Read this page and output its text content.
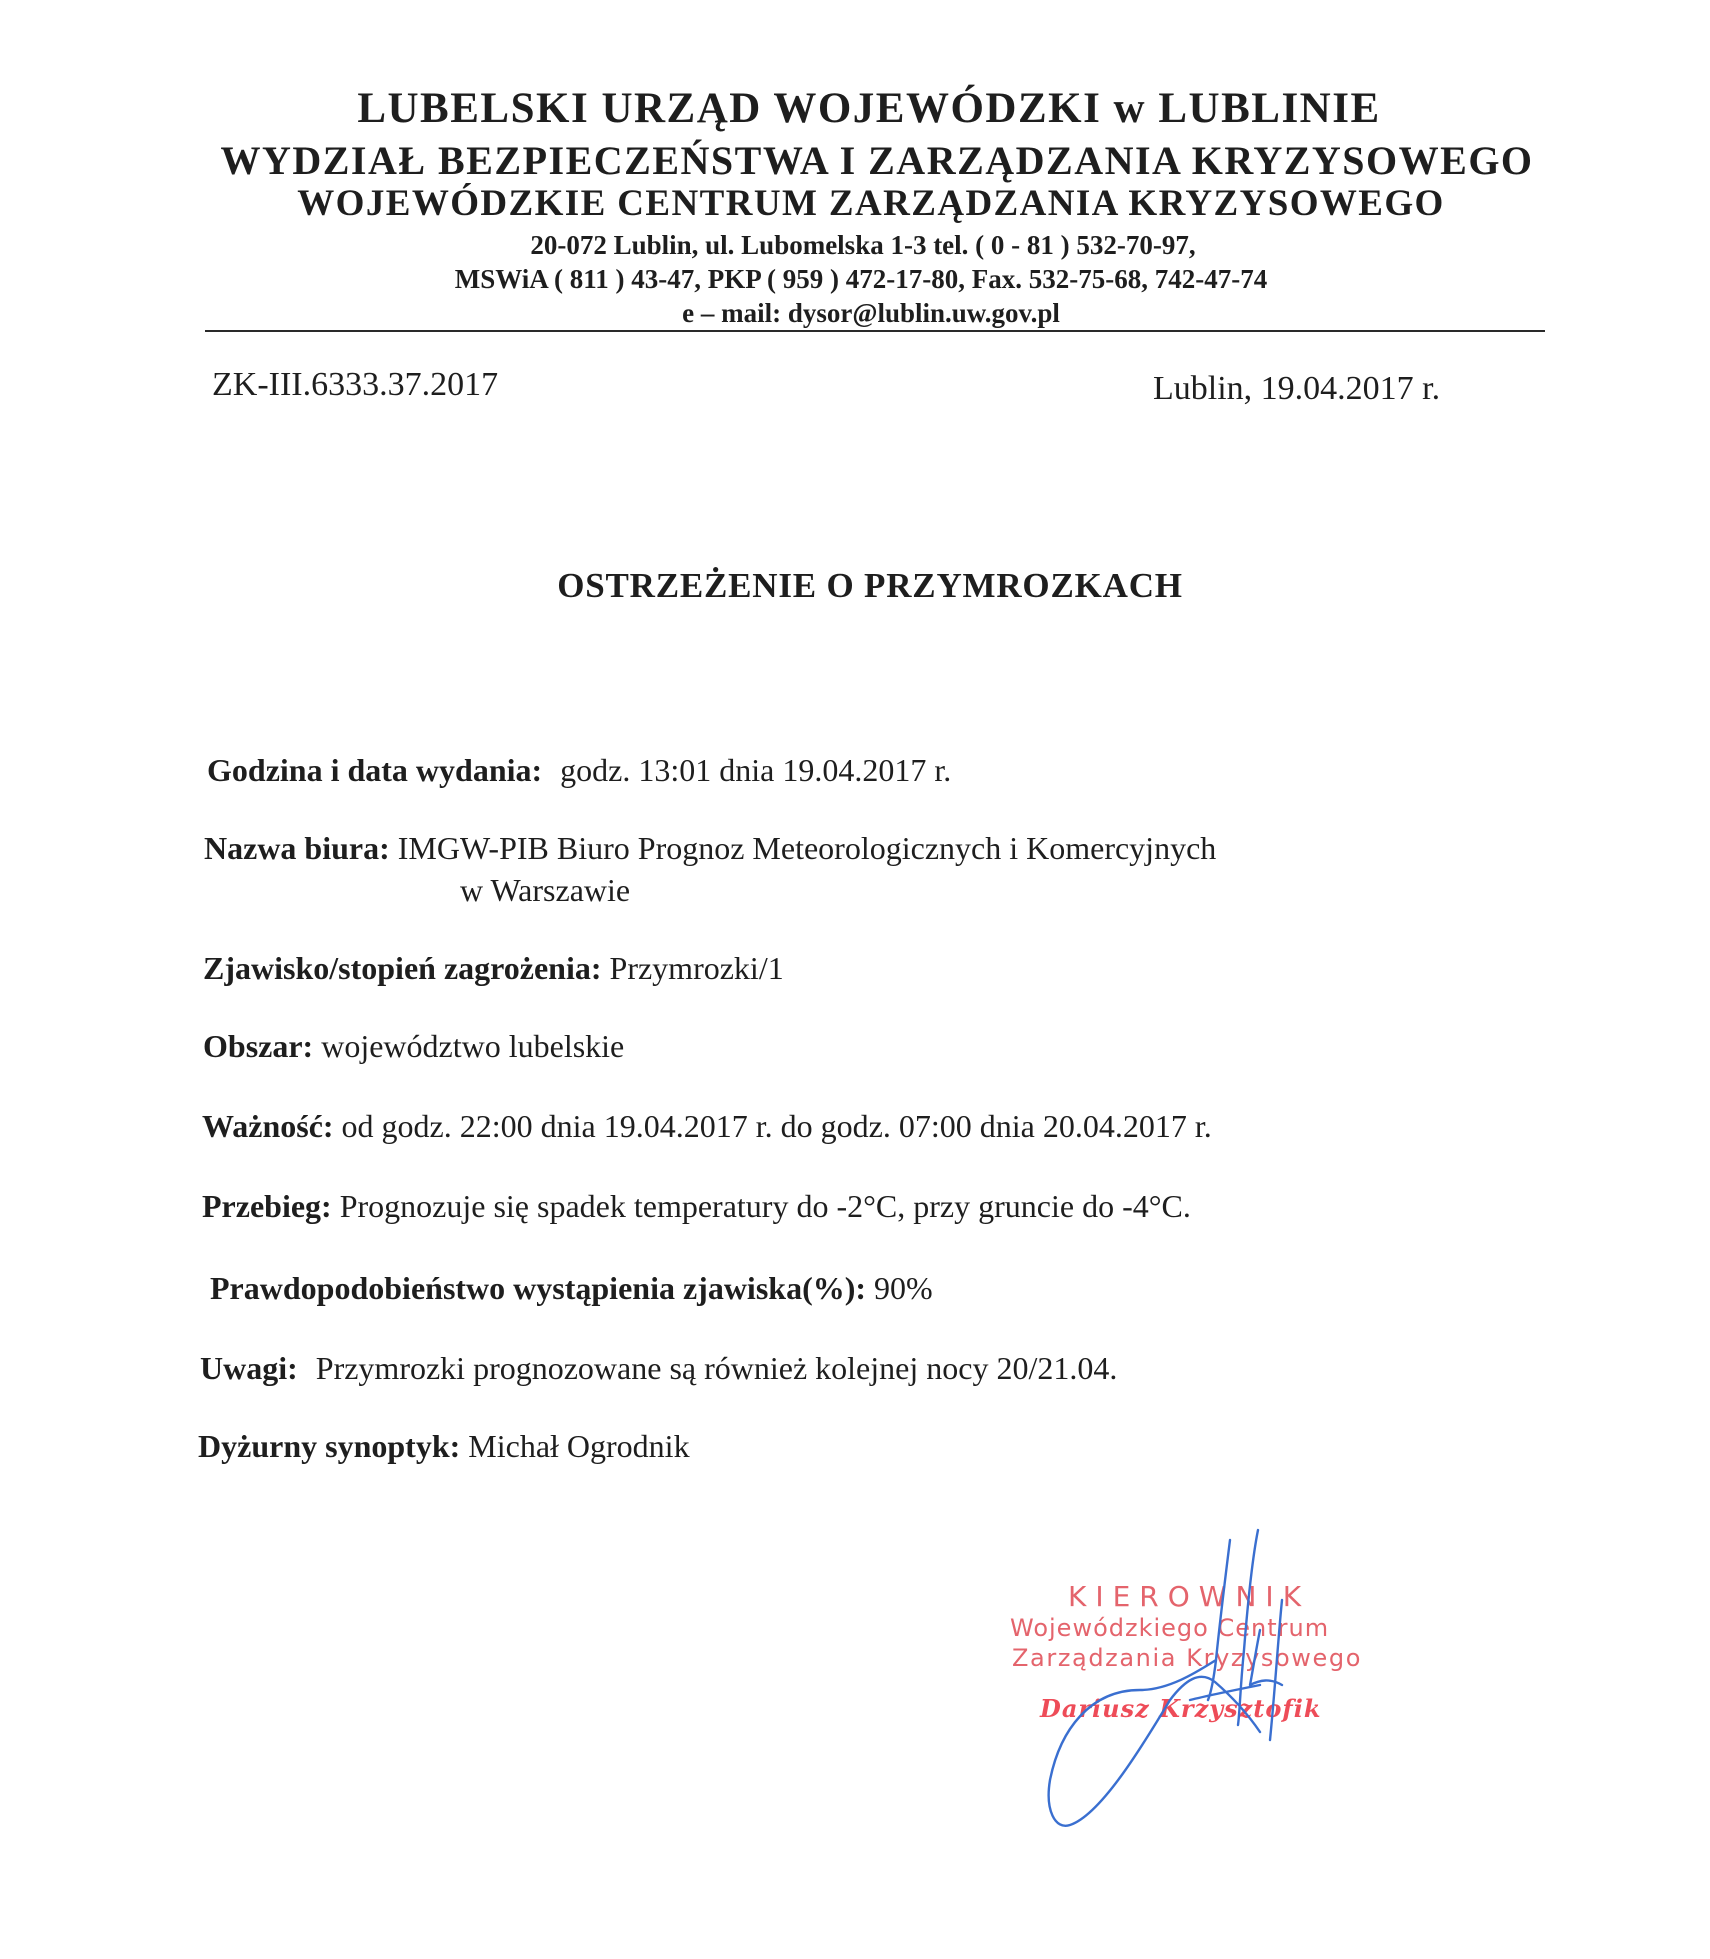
LUBELSKI URZĄD WOJEWÓDZKI w LUBLINIE
WYDZIAŁ BEZPIECZEŃSTWA I ZARZĄDZANIA KRYZYSOWEGO
WOJEWÓDZKIE CENTRUM ZARZĄDZANIA KRYZYSOWEGO
20-072 Lublin, ul. Lubomelska 1-3 tel. ( 0 - 81 ) 532-70-97,
MSWiA ( 811 ) 43-47, PKP ( 959 ) 472-17-80, Fax. 532-75-68, 742-47-74
e – mail: dysor@lublin.uw.gov.pl
ZK-III.6333.37.2017	Lublin, 19.04.2017 r.
OSTRZEŻENIE O PRZYMROZKACH
Godzina i data wydania: godz. 13:01 dnia 19.04.2017 r.
Nazwa biura: IMGW-PIB Biuro Prognoz Meteorologicznych i Komercyjnych
w Warszawie
Zjawisko/stopień zagrożenia: Przymrozki/1
Obszar: województwo lubelskie
Ważność: od godz. 22:00 dnia 19.04.2017 r. do godz. 07:00 dnia 20.04.2017 r.
Przebieg: Prognozuje się spadek temperatury do -2°C, przy gruncie do -4°C.
Prawdopodobieństwo wystąpienia zjawiska(%): 90%
Uwagi: Przymrozki prognozowane są również kolejnej nocy 20/21.04.
Dyżurny synoptyk: Michał Ogrodnik
KIEROWNIK
Wojewódzkiego Centrum
Zarządzania Kryzysowego
Dariusz Krzysztofik
